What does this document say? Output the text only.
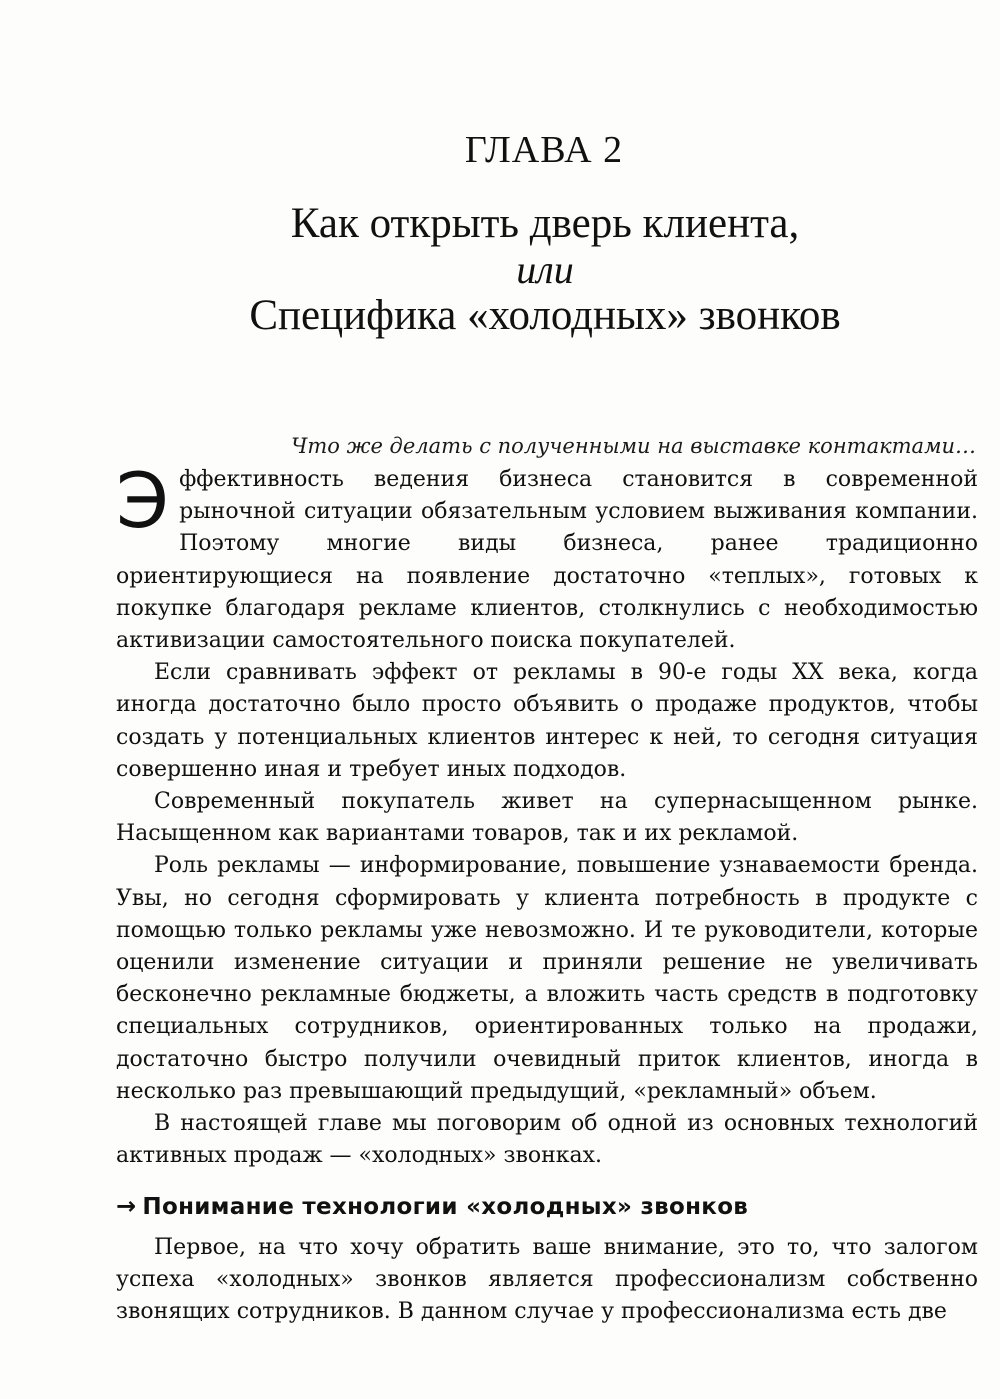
ГЛАВА 2
Как открыть дверь клиента,
или
Специфика «холодных» звонков
Что же делать с полученными на выставке контактами…

Эффективность ведения бизнеса становится в современной рыночной ситуации обязательным условием выживания компании. Поэтому многие виды бизнеса, ранее традиционно ориентирующиеся на появление достаточно «теплых», готовых к покупке благодаря рекламе клиентов, столкнулись с необходимостью активизации самостоятельного поиска покупателей.

Если сравнивать эффект от рекламы в 90-е годы XX века, когда иногда достаточно было просто объявить о продаже продуктов, чтобы создать у потенциальных клиентов интерес к ней, то сегодня ситуация совершенно иная и требует иных подходов.

Современный покупатель живет на супернасыщенном рынке. Насыщенном как вариантами товаров, так и их рекламой.

Роль рекламы — информирование, повышение узнаваемости бренда. Увы, но сегодня сформировать у клиента потребность в продукте с помощью только рекламы уже невозможно. И те руководители, которые оценили изменение ситуации и приняли решение не увеличивать бесконечно рекламные бюджеты, а вложить часть средств в подготовку специальных сотрудников, ориентированных только на продажи, достаточно быстро получили очевидный приток клиентов, иногда в несколько раз превышающий предыдущий, «рекламный» объем.

В настоящей главе мы поговорим об одной из основных технологий активных продаж — «холодных» звонках.

→ Понимание технологии «холодных» звонков

Первое, на что хочу обратить ваше внимание, это то, что залогом успеха «холодных» звонков является профессионализм собственно звонящих сотрудников. В данном случае у профессионализма есть две
